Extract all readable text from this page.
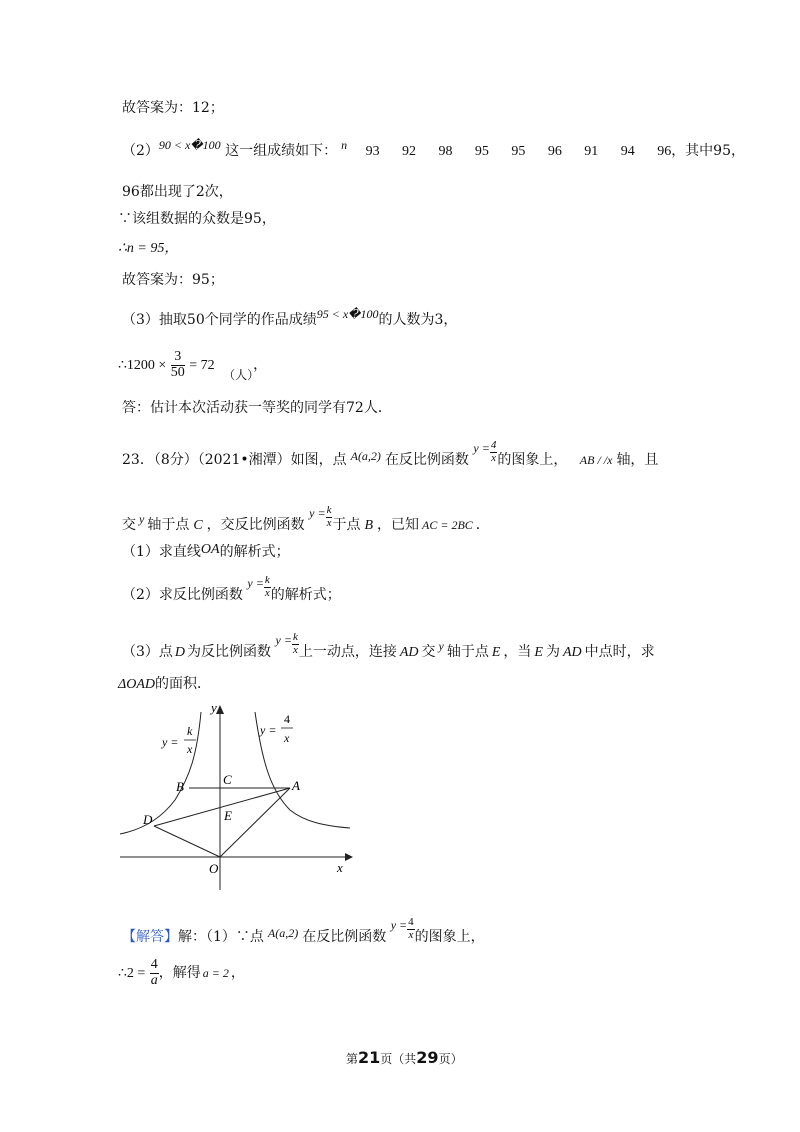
故答案为：12；
（2）90 < x�100 这一组成绩如下： n 93 92 98 95 95 96 91 94 96，其中95，
96都出现了2次，
∵该组数据的众数是95，
∴n = 95，
故答案为：95；
（3）抽取50个同学的作品成绩95 < x�100的人数为3，
∴1200 × $\frac{3}{50} = 72$ （人），
答：估计本次活动获一等奖的同学有72人．
23．（8分）（2021•湘潭）如图，点 A(a,2) 在反比例函数 $y = \frac{4}{x}$ 的图象上， AB / /x 轴，且
交 y 轴于点 C ，交反比例函数 $y = \frac{k}{x}$ 于点 B ，已知 AC = 2BC ．
（1）求直线OA的解析式；
（2）求反比例函数 $y = \frac{k}{x}$ 的解析式；
（3）点 D 为反比例函数 $y = \frac{k}{x}$ 上一动点，连接 AD 交 y 轴于点 E ，当 E 为 AD 中点时，求
ΔOAD的面积．
y
x
B	C	A
D	E
O
y =
k
x
y =
4
x
【解答】解：（1）∵点 A(a,2) 在反比例函数 $y = \frac{4}{x}$ 的图象上，
∴2 = $\frac{4}{a}$ ，解得 a = 2 ，
第21页（共29页）
